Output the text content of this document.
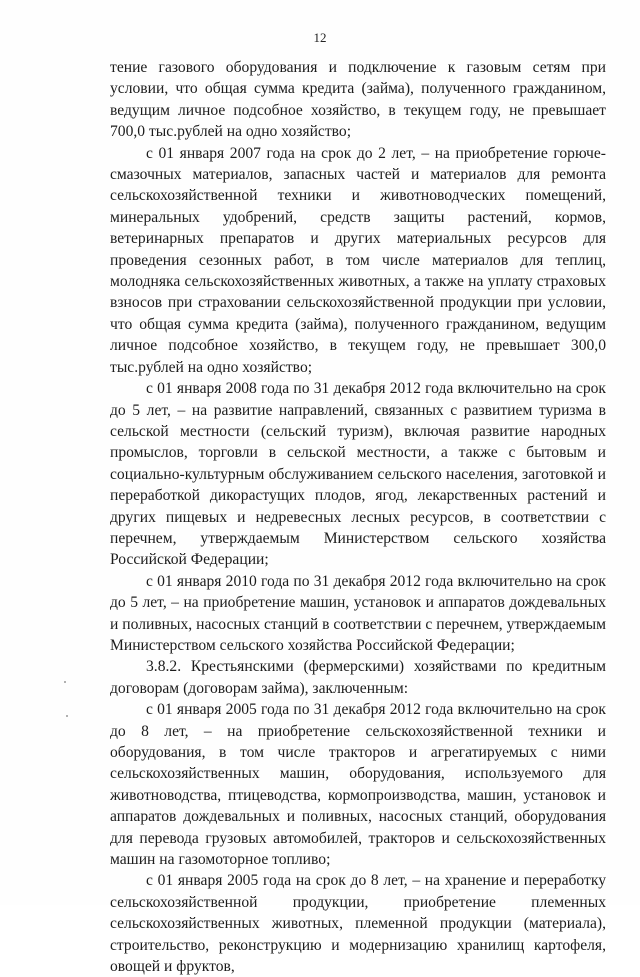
12

тение газового оборудования и подключение к газовым сетям при условии, что общая сумма кредита (займа), полученного гражданином, ведущим личное подсобное хозяйство, в текущем году, не превышает 700,0 тыс.рублей на одно хозяйство;

с 01 января 2007 года на срок до 2 лет, – на приобретение горюче-смазочных материалов, запасных частей и материалов для ремонта сельскохозяйственной техники и животноводческих помещений, минеральных удобрений, средств защиты растений, кормов, ветеринарных препаратов и других материальных ресурсов для проведения сезонных работ, в том числе материалов для теплиц, молодняка сельскохозяйственных животных, а также на уплату страховых взносов при страховании сельскохозяйственной продукции при условии, что общая сумма кредита (займа), полученного гражданином, ведущим личное подсобное хозяйство, в текущем году, не превышает 300,0 тыс.рублей на одно хозяйство;

с 01 января 2008 года по 31 декабря 2012 года включительно на срок до 5 лет, – на развитие направлений, связанных с развитием туризма в сельской местности (сельский туризм), включая развитие народных промыслов, торговли в сельской местности, а также с бытовым и социально-культурным обслуживанием сельского населения, заготовкой и переработкой дикорастущих плодов, ягод, лекарственных растений и других пищевых и недревесных лесных ресурсов, в соответствии с перечнем, утверждаемым Министерством сельского хозяйства Российской Федерации;

с 01 января 2010 года по 31 декабря 2012 года включительно на срок до 5 лет, – на приобретение машин, установок и аппаратов дождевальных и поливных, насосных станций в соответствии с перечнем, утверждаемым Министерством сельского хозяйства Российской Федерации;

3.8.2. Крестьянскими (фермерскими) хозяйствами по кредитным договорам (договорам займа), заключенным:

с 01 января 2005 года по 31 декабря 2012 года включительно на срок до 8 лет, – на приобретение сельскохозяйственной техники и оборудования, в том числе тракторов и агрегатируемых с ними сельскохозяйственных машин, оборудования, используемого для животноводства, птицеводства, кормопроизводства, машин, установок и аппаратов дождевальных и поливных, насосных станций, оборудования для перевода грузовых автомобилей, тракторов и сельскохозяйственных машин на газомоторное топливо;

с 01 января 2005 года на срок до 8 лет, – на хранение и переработку сельскохозяйственной продукции, приобретение племенных сельскохозяйственных животных, племенной продукции (материала), строительство, реконструкцию и модернизацию хранилищ картофеля, овощей и фруктов,
